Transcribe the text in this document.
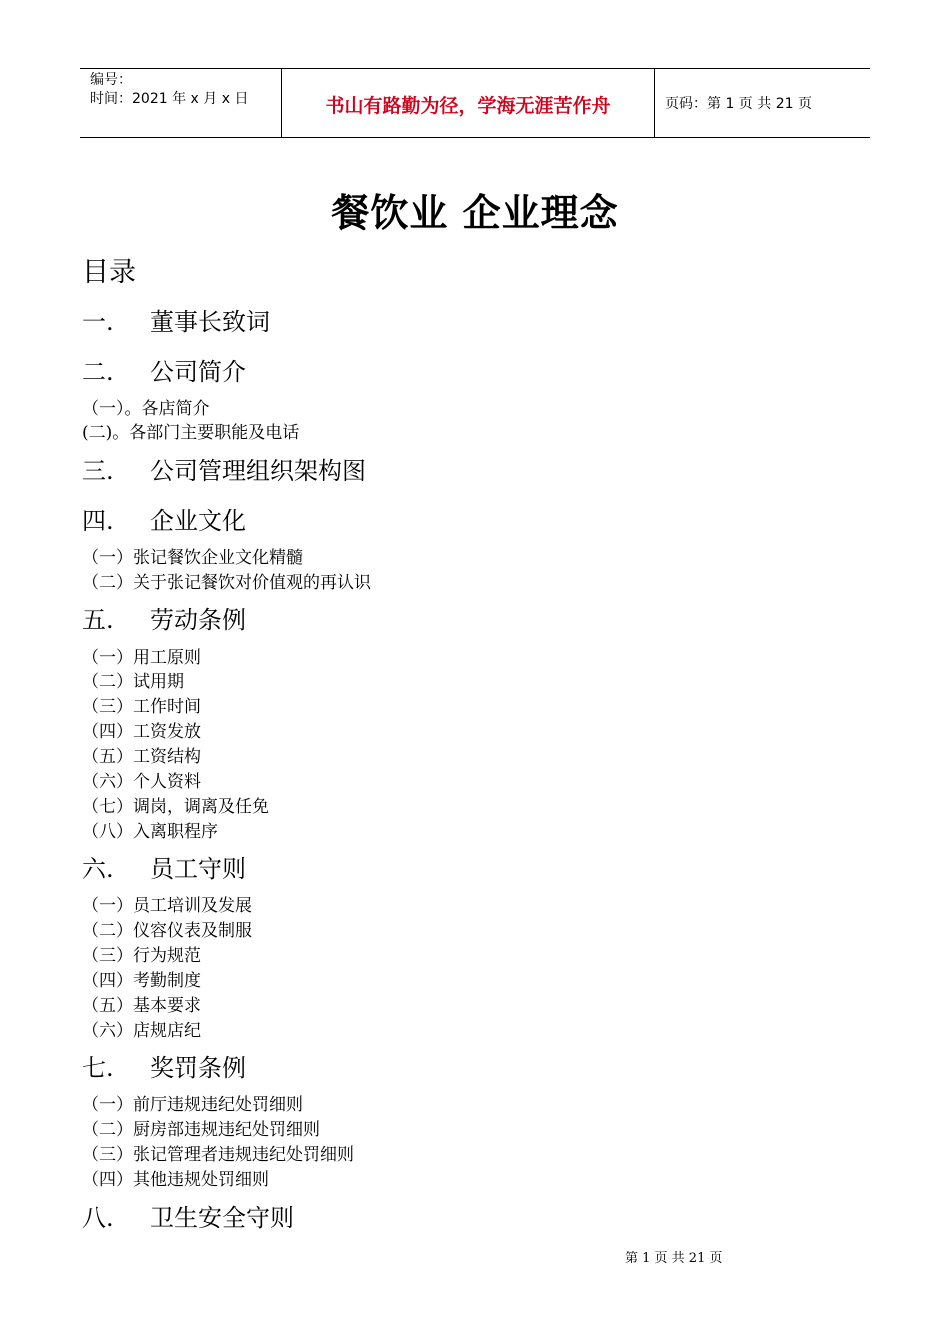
编号：
时间：2021 年 x 月 x 日	书山有路勤为径，学海无涯苦作舟	页码：第 1 页 共 21 页
餐饮业 企业理念
目录
一. 董事长致词
二. 公司简介
（一）。各店简介
(二)。各部门主要职能及电话
三. 公司管理组织架构图
四. 企业文化
（一）张记餐饮企业文化精髓
（二）关于张记餐饮对价值观的再认识
五. 劳动条例
（一）用工原则
（二）试用期
（三）工作时间
（四）工资发放
（五）工资结构
（六）个人资料
（七）调岗，调离及任免
（八）入离职程序
六. 员工守则
（一）员工培训及发展
（二）仪容仪表及制服
（三）行为规范
（四）考勤制度
（五）基本要求
（六）店规店纪
七. 奖罚条例
（一）前厅违规违纪处罚细则
（二）厨房部违规违纪处罚细则
（三）张记管理者违规违纪处罚细则
（四）其他违规处罚细则
八. 卫生安全守则
第 1 页 共 21 页
